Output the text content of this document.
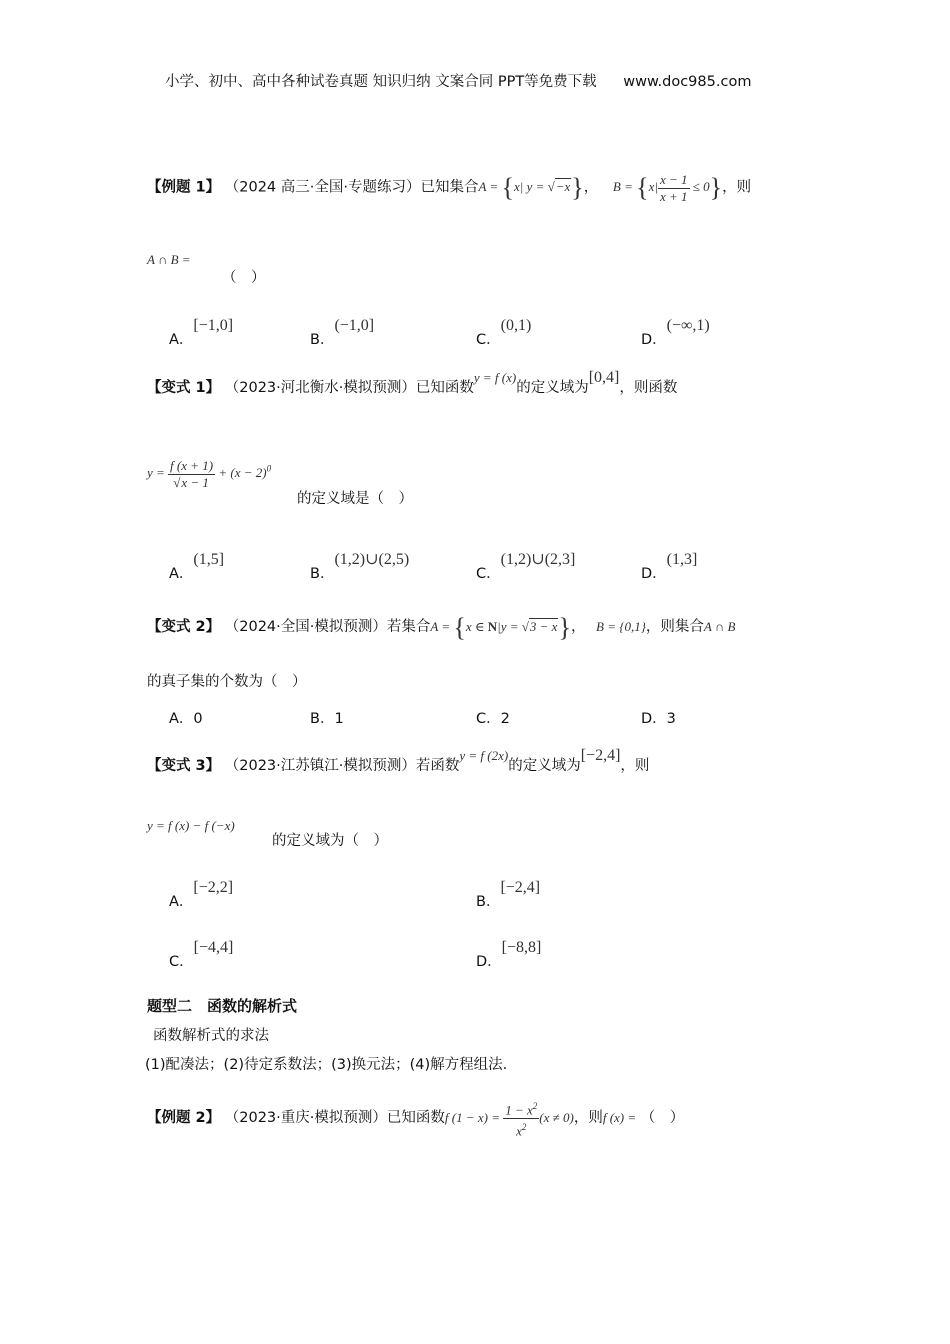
小学、初中、高中各种试卷真题 知识归纳 文案合同 PPT等免费下载 www.doc985.com
【例题 1】 （2024 高三·全国·专题练习）已知集合A = {x| y = √−x}， $B = \{x| \frac{x - 1}{x + 1} \le 0\}$，则
A ∩ B =
（　）
A．[−1,0]
B．(−1,0]
C．(0,1)
D．(−∞,1)
【变式 1】 （2023·河北衡水·模拟预测）已知函数y = f (x)的定义域为[0,4]，则函数
$y = \frac{f (x + 1)}{√x - 1} + (x - 2)^0$
的定义域是（　）
A．(1,5]
B．(1,2)∪(2,5)
C．(1,2)∪(2,3]
D．(1,3]
【变式 2】 （2024·全国·模拟预测）若集合A = {x ∈ N|y = √3 − x}， B = {0,1}，则集合A ∩ B
的真子集的个数为（　）
A．0	B．1	C．2	D．3
【变式 3】 （2023·江苏镇江·模拟预测）若函数y = f (2x)的定义域为[−2,4]，则
y = f (x) − f (−x)
的定义域为（　）
A．[−2,2]
B．[−2,4]
C．[−4,4]
D．[−8,8]
题型二　函数的解析式
函数解析式的求法
(1)配凑法；(2)待定系数法；(3)换元法；(4)解方程组法.
【例题 2】 （2023·重庆·模拟预测）已知函数f $(1 - x) = \frac{1 - x^2}{x^2} (x \ne 0)$，则f (x) = （　）
